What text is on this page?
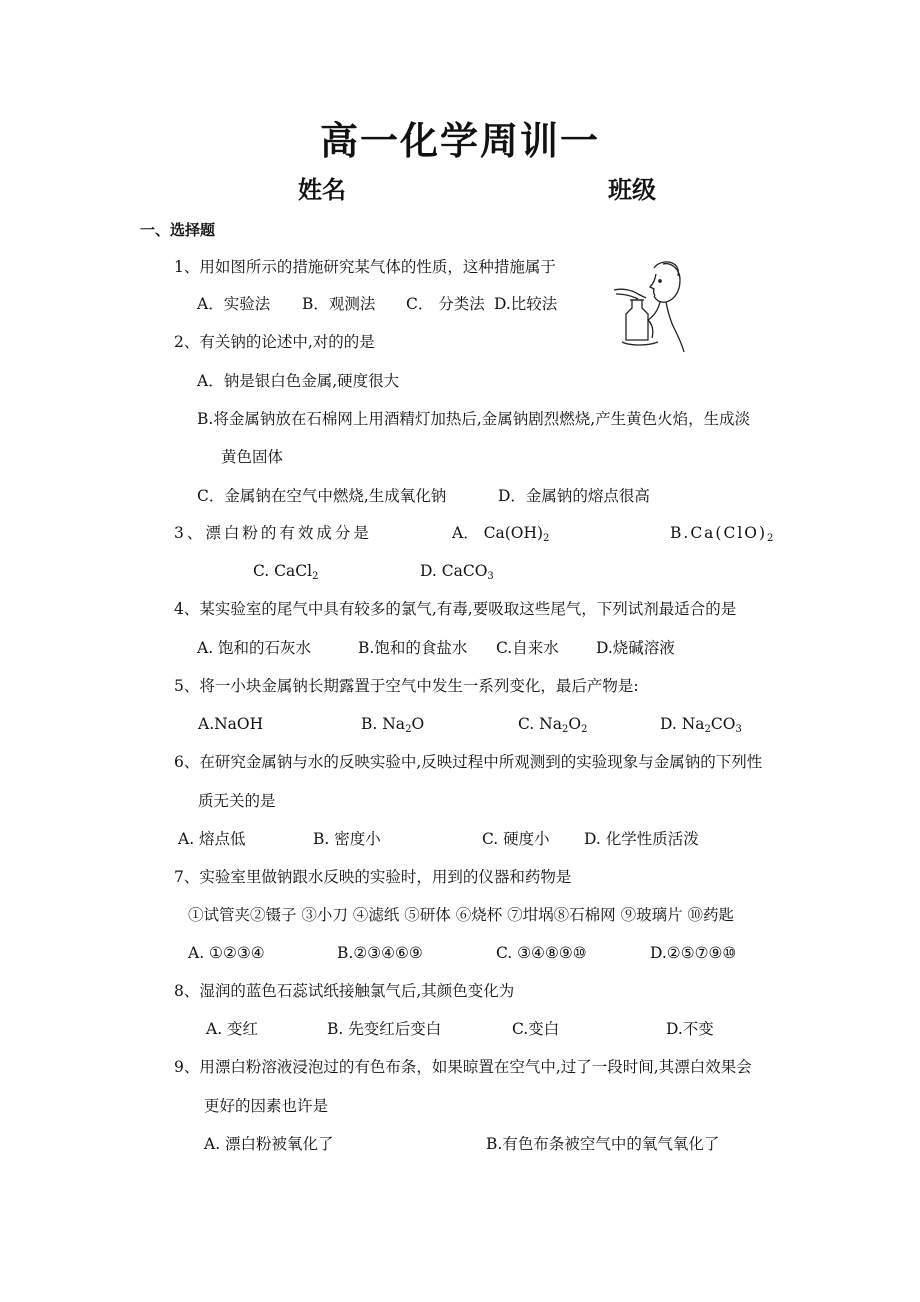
高一化学周训一
姓名	班级
一、选择题
1、用如图所示的措施研究某气体的性质，这种措施属于
A．实验法 B．观测法 C． 分类法 D.比较法
2、有关钠的论述中,对的的是
A．钠是银白色金属,硬度很大
B.将金属钠放在石棉网上用酒精灯加热后,金属钠剧烈燃烧,产生黄色火焰，生成淡
黄色固体
C．金属钠在空气中燃烧,生成氧化钠	D．金属钠的熔点很高
3、漂白粉的有效成分是	A． $Ca(OH)_2$	$B.Ca(ClO)_2$
C. CaCl$_2$	D. CaCO$_3$
4、某实验室的尾气中具有较多的氯气,有毒,要吸取这些尾气，下列试剂最适合的是
A. 饱和的石灰水	B.饱和的食盐水 C.自来水 D.烧碱溶液
5、将一小块金属钠长期露置于空气中发生一系列变化，最后产物是:
A.NaOH	B. $Na_2O$	C. $Na_2O_2$	D. $Na_2CO_3$
6、在研究金属钠与水的反映实验中,反映过程中所观测到的实验现象与金属钠的下列性
质无关的是
A. 熔点低	B. 密度小	C. 硬度小 D. 化学性质活泼
7、实验室里做钠跟水反映的实验时，用到的仪器和药物是
①试管夹②镊子 ③小刀 ④滤纸 ⑤研体 ⑥烧杯 ⑦坩埚⑧石棉网 ⑨玻璃片 ⑩药匙
A. ①②③④	B.②③④⑥⑨	C. ③④⑧⑨⑩	D.②⑤⑦⑨⑩
8、湿润的蓝色石蕊试纸接触氯气后,其颜色变化为
A. 变红	B. 先变红后变白	C.变白	D.不变
9、用漂白粉溶液浸泡过的有色布条，如果晾置在空气中,过了一段时间,其漂白效果会
更好的因素也许是
A. 漂白粉被氧化了	B.有色布条被空气中的氧气氧化了
